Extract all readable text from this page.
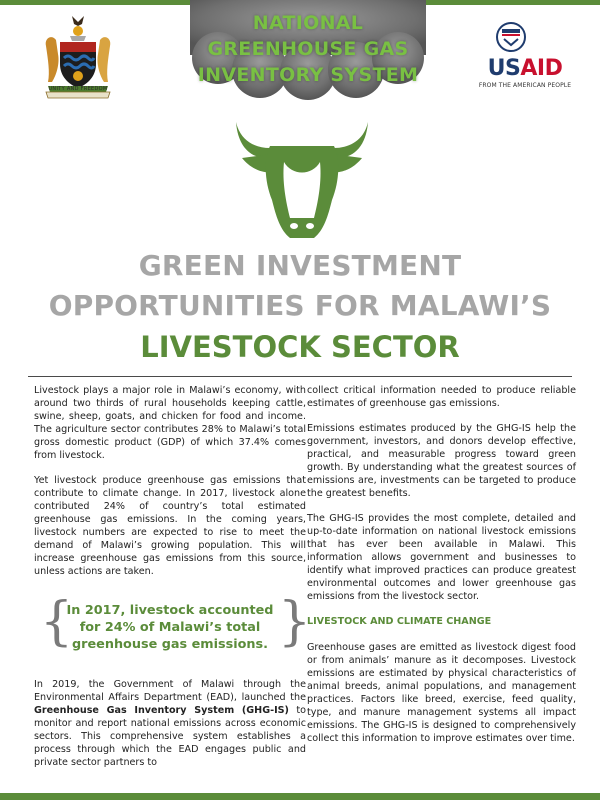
NATIONAL
GREENHOUSE GAS
INVENTORY SYSTEM
UNITY AND FREEDOM
USAID
FROM THE AMERICAN PEOPLE
GREEN INVESTMENT
OPPORTUNITIES FOR MALAWI’S
LIVESTOCK SECTOR

Livestock plays a major role in Malawi’s economy, with around two thirds of rural households keeping cattle, swine, sheep, goats, and chicken for food and income. The agriculture sector contributes 28% to Malawi’s total gross domestic product (GDP) of which 37.4% comes from livestock.

Yet livestock produce greenhouse gas emissions that contribute to climate change. In 2017, livestock alone contributed 24% of country’s total estimated greenhouse gas emissions. In the coming years, livestock numbers are expected to rise to meet the demand of Malawi’s growing population. This will increase greenhouse gas emissions from this source, unless actions are taken.

{
In 2017, livestock accounted for 24% of Malawi’s total greenhouse gas emissions. }

In 2019, the Government of Malawi through the Environmental Affairs Department (EAD), launched the Greenhouse Gas Inventory System (GHG-IS) to monitor and report national emissions across economic sectors. This comprehensive system establishes a process through which the EAD engages public and private sector partners to

collect critical information needed to produce reliable estimates of greenhouse gas emissions.

Emissions estimates produced by the GHG-IS help the government, investors, and donors develop effective, practical, and measurable progress toward green growth. By understanding what the greatest sources of emissions are, investments can be targeted to produce the greatest benefits.

The GHG-IS provides the most complete, detailed and up-to-date information on national livestock emissions that has ever been available in Malawi. This information allows government and businesses to identify what improved practices can produce greatest environmental outcomes and lower greenhouse gas emissions from the livestock sector.

LIVESTOCK AND CLIMATE CHANGE

Greenhouse gases are emitted as livestock digest food or from animals’ manure as it decomposes. Livestock emissions are estimated by physical characteristics of animal breeds, animal populations, and management practices. Factors like breed, exercise, feed quality, type, and manure management systems all impact emissions. The GHG-IS is designed to comprehensively collect this information to improve estimates over time.
